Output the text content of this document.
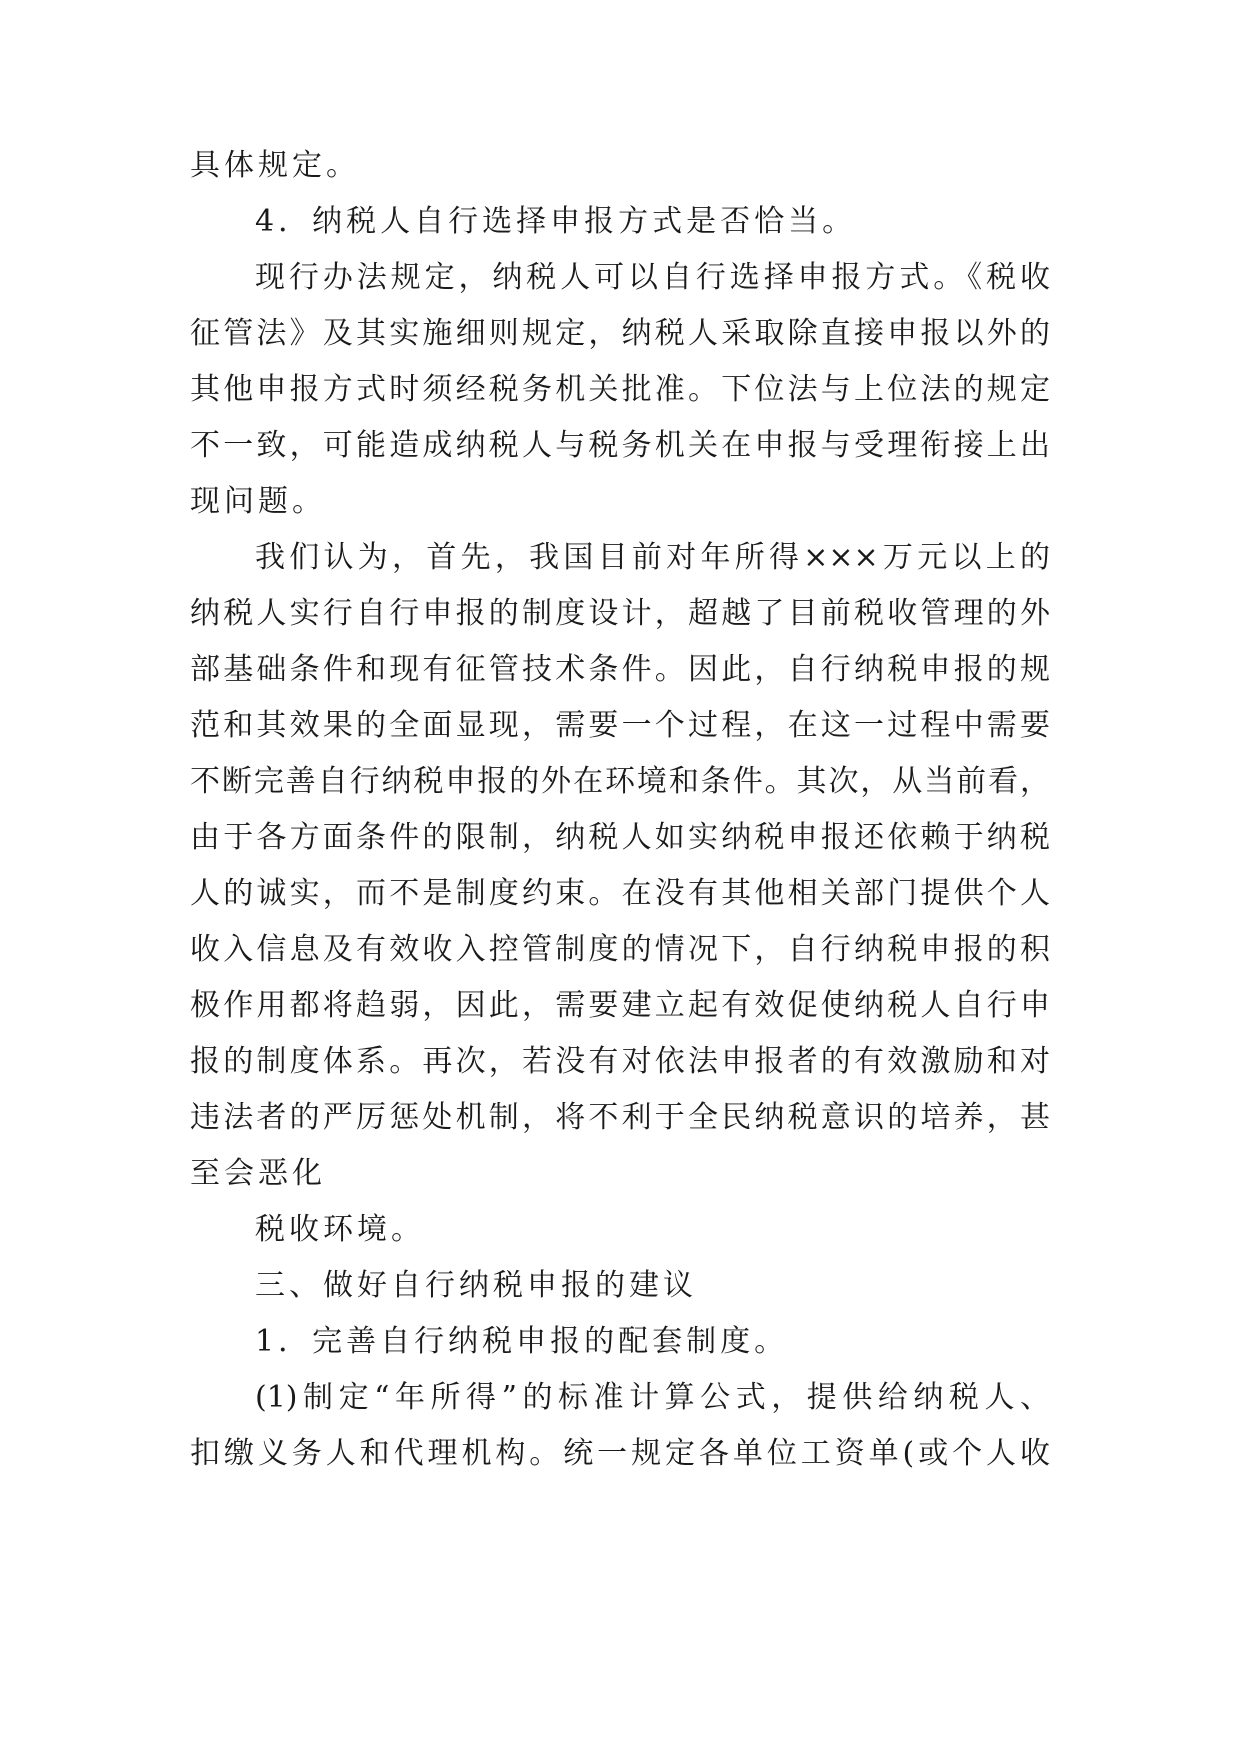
具体规定。
4．纳税人自行选择申报方式是否恰当。
现行办法规定，纳税人可以自行选择申报方式。《税收
征管法》及其实施细则规定，纳税人采取除直接申报以外的
其他申报方式时须经税务机关批准。下位法与上位法的规定
不一致，可能造成纳税人与税务机关在申报与受理衔接上出
现问题。
我们认为，首先，我国目前对年所得×××万元以上的
纳税人实行自行申报的制度设计，超越了目前税收管理的外
部基础条件和现有征管技术条件。因此，自行纳税申报的规
范和其效果的全面显现，需要一个过程，在这一过程中需要
不断完善自行纳税申报的外在环境和条件。其次，从当前看，
由于各方面条件的限制，纳税人如实纳税申报还依赖于纳税
人的诚实，而不是制度约束。在没有其他相关部门提供个人
收入信息及有效收入控管制度的情况下，自行纳税申报的积
极作用都将趋弱，因此，需要建立起有效促使纳税人自行申
报的制度体系。再次，若没有对依法申报者的有效激励和对
违法者的严厉惩处机制，将不利于全民纳税意识的培养，甚
至会恶化
税收环境。
三、做好自行纳税申报的建议
1．完善自行纳税申报的配套制度。
(1)制定“年所得”的标准计算公式，提供给纳税人、
扣缴义务人和代理机构。统一规定各单位工资单(或个人收
